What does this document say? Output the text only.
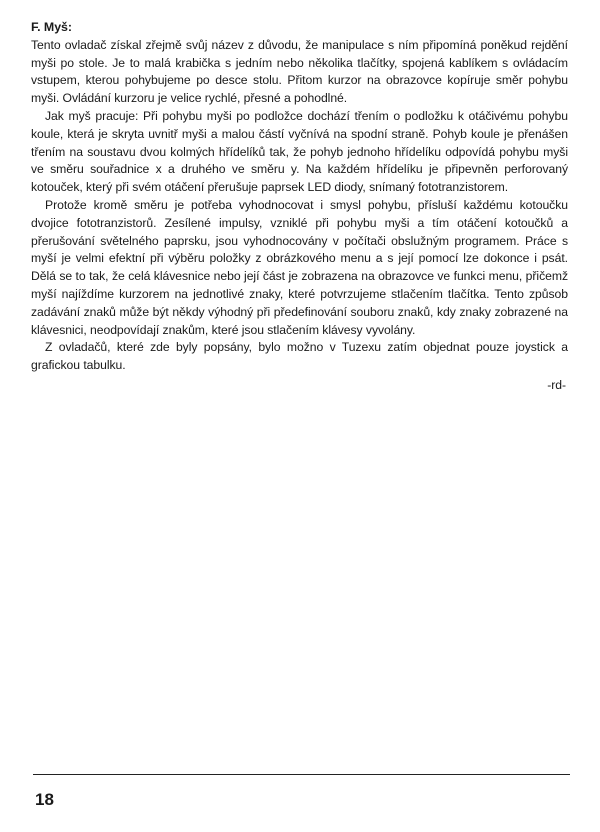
F. Myš:

Tento ovladač získal zřejmě svůj název z důvodu, že manipulace s ním připomíná poněkud rejdění myši po stole. Je to malá krabička s jedním nebo několika tlačítky, spojená kablíkem s ovládacím vstupem, kterou pohybujeme po desce stolu. Přitom kurzor na obrazovce kopíruje směr pohybu myši. Ovládání kurzoru je velice rychlé, přesné a pohodlné.

Jak myš pracuje: Při pohybu myši po podložce dochází třením o podložku k otáčivému pohybu koule, která je skryta uvnitř myši a malou částí vyčnívá na spodní straně. Pohyb koule je přenášen třením na soustavu dvou kolmých hřídelíků tak, že pohyb jednoho hřídelíku odpovídá pohybu myši ve směru souřadnice x a druhého ve směru y. Na každém hřídelíku je připevněn perforovaný kotouček, který při svém otáčení přerušuje paprsek LED diody, snímaný fototranzistorem.

Protože kromě směru je potřeba vyhodnocovat i smysl pohybu, přísluší každému kotoučku dvojice fototranzistorů. Zesílené impulsy, vzniklé při pohybu myši a tím otáčení kotoučků a přerušování světelného paprsku, jsou vyhodnocovány v počítači obslužným programem. Práce s myší je velmi efektní při výběru položky z obrázkového menu a s její pomocí lze dokonce i psát. Dělá se to tak, že celá klávesnice nebo její část je zobrazena na obrazovce ve funkci menu, přičemž myší najíždíme kurzorem na jednotlivé znaky, které potvrzujeme stlačením tlačítka. Tento způsob zadávání znaků může být někdy výhodný při předefinování souboru znaků, kdy znaky zobrazené na klávesnici, neodpovídají znakům, které jsou stlačením klávesy vyvolány.

Z ovladačů, které zde byly popsány, bylo možno v Tuzexu zatím objednat pouze joystick a grafickou tabulku.

-rd-

18
